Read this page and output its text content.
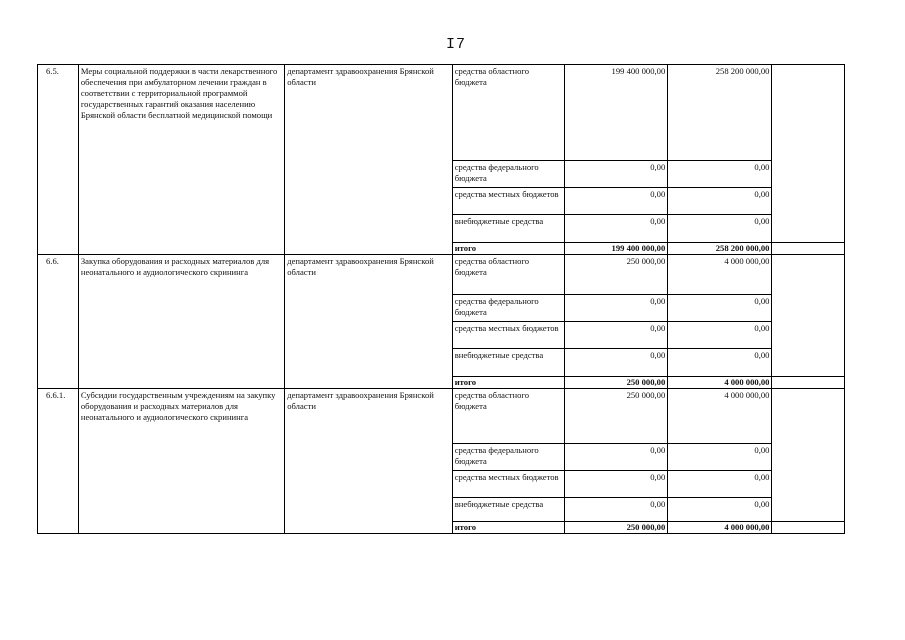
I7
6.5.	Меры социальной поддержки в части лекарственного обеспечения при амбулаторном лечении граждан в соответствии с территориальной программой государственных гарантий оказания населению Брянской области бесплатной медицинской помощи	департамент здравоохранения Брянской области	средства областного бюджета	199 400 000,00	258 200 000,00	
			средства федерального бюджета	0,00	0,00	
			средства местных бюджетов	0,00	0,00	
			внебюджетные средства	0,00	0,00	
			итого	199 400 000,00	258 200 000,00	
6.6.	Закупка оборудования и расходных материалов для неонатального и аудиологического скрининга	департамент здравоохранения Брянской области	средства областного бюджета	250 000,00	4 000 000,00	
			средства федерального бюджета	0,00	0,00	
			средства местных бюджетов	0,00	0,00	
			внебюджетные средства	0,00	0,00	
			итого	250 000,00	4 000 000,00	
6.6.1.	Субсидии государственным учреждениям на закупку оборудования и расходных материалов для неонатального и аудиологического скрининга	департамент здравоохранения Брянской области	средства областного бюджета	250 000,00	4 000 000,00	
			средства федерального бюджета	0,00	0,00	
			средства местных бюджетов	0,00	0,00	
			внебюджетные средства	0,00	0,00	
			итого	250 000,00	4 000 000,00	
